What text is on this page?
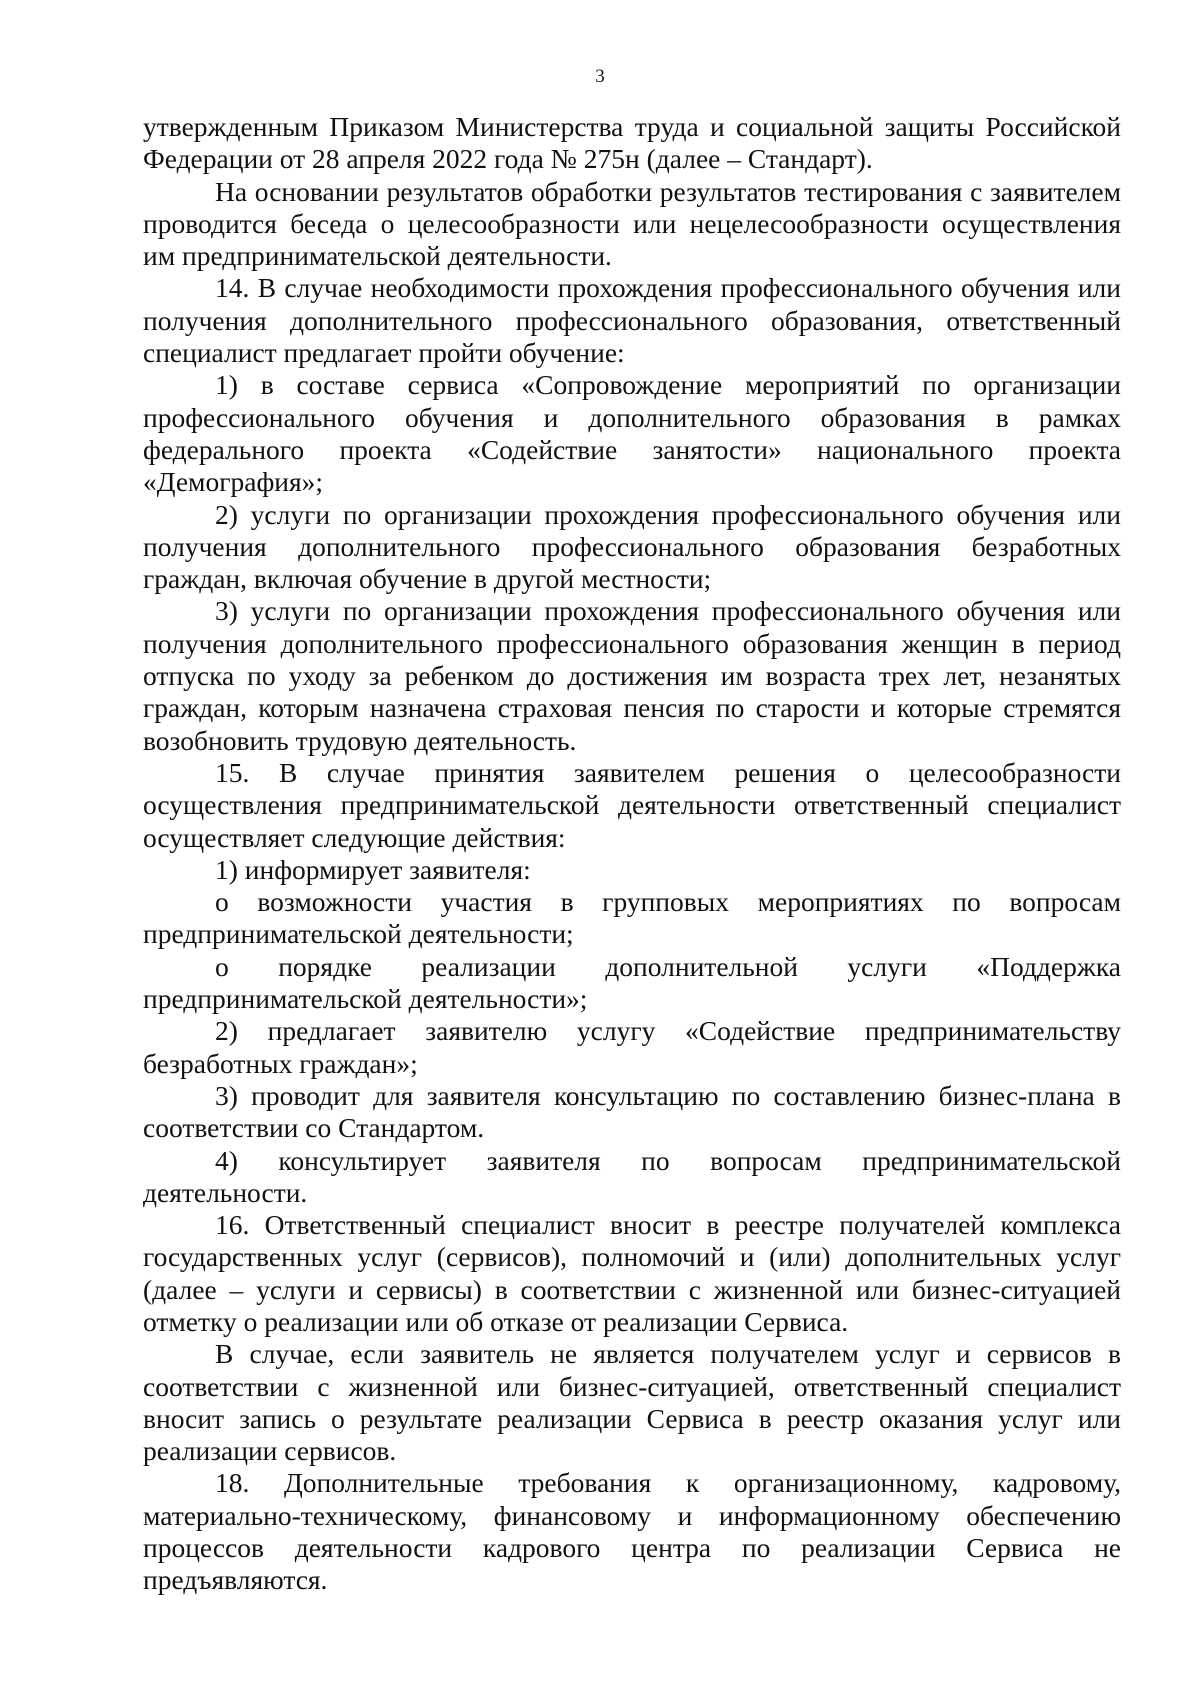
3

утвержденным Приказом Министерства труда и социальной защиты Российской Федерации от 28 апреля 2022 года № 275н (далее – Стандарт).

На основании результатов обработки результатов тестирования с заявителем проводится беседа о целесообразности или нецелесообразности осуществления им предпринимательской деятельности.

14. В случае необходимости прохождения профессионального обучения или получения дополнительного профессионального образования, ответственный специалист предлагает пройти обучение:

1) в составе сервиса «Сопровождение мероприятий по организации профессионального обучения и дополнительного образования в рамках федерального проекта «Содействие занятости» национального проекта «Демография»;

2) услуги по организации прохождения профессионального обучения или получения дополнительного профессионального образования безработных граждан, включая обучение в другой местности;

3) услуги по организации прохождения профессионального обучения или получения дополнительного профессионального образования женщин в период отпуска по уходу за ребенком до достижения им возраста трех лет, незанятых граждан, которым назначена страховая пенсия по старости и которые стремятся возобновить трудовую деятельность.

15. В случае принятия заявителем решения о целесообразности осуществления предпринимательской деятельности ответственный специалист осуществляет следующие действия:

1) информирует заявителя:

о возможности участия в групповых мероприятиях по вопросам предпринимательской деятельности;

о порядке реализации дополнительной услуги «Поддержка предпринимательской деятельности»;

2) предлагает заявителю услугу «Содействие предпринимательству безработных граждан»;

3) проводит для заявителя консультацию по составлению бизнес-плана в соответствии со Стандартом.

4) консультирует заявителя по вопросам предпринимательской деятельности.

16. Ответственный специалист вносит в реестре получателей комплекса государственных услуг (сервисов), полномочий и (или) дополнительных услуг (далее – услуги и сервисы) в соответствии с жизненной или бизнес-ситуацией отметку о реализации или об отказе от реализации Сервиса.

В случае, если заявитель не является получателем услуг и сервисов в соответствии с жизненной или бизнес-ситуацией, ответственный специалист вносит запись о результате реализации Сервиса в реестр оказания услуг или реализации сервисов.

18. Дополнительные требования к организационному, кадровому, материально-техническому, финансовому и информационному обеспечению процессов деятельности кадрового центра по реализации Сервиса не предъявляются.
